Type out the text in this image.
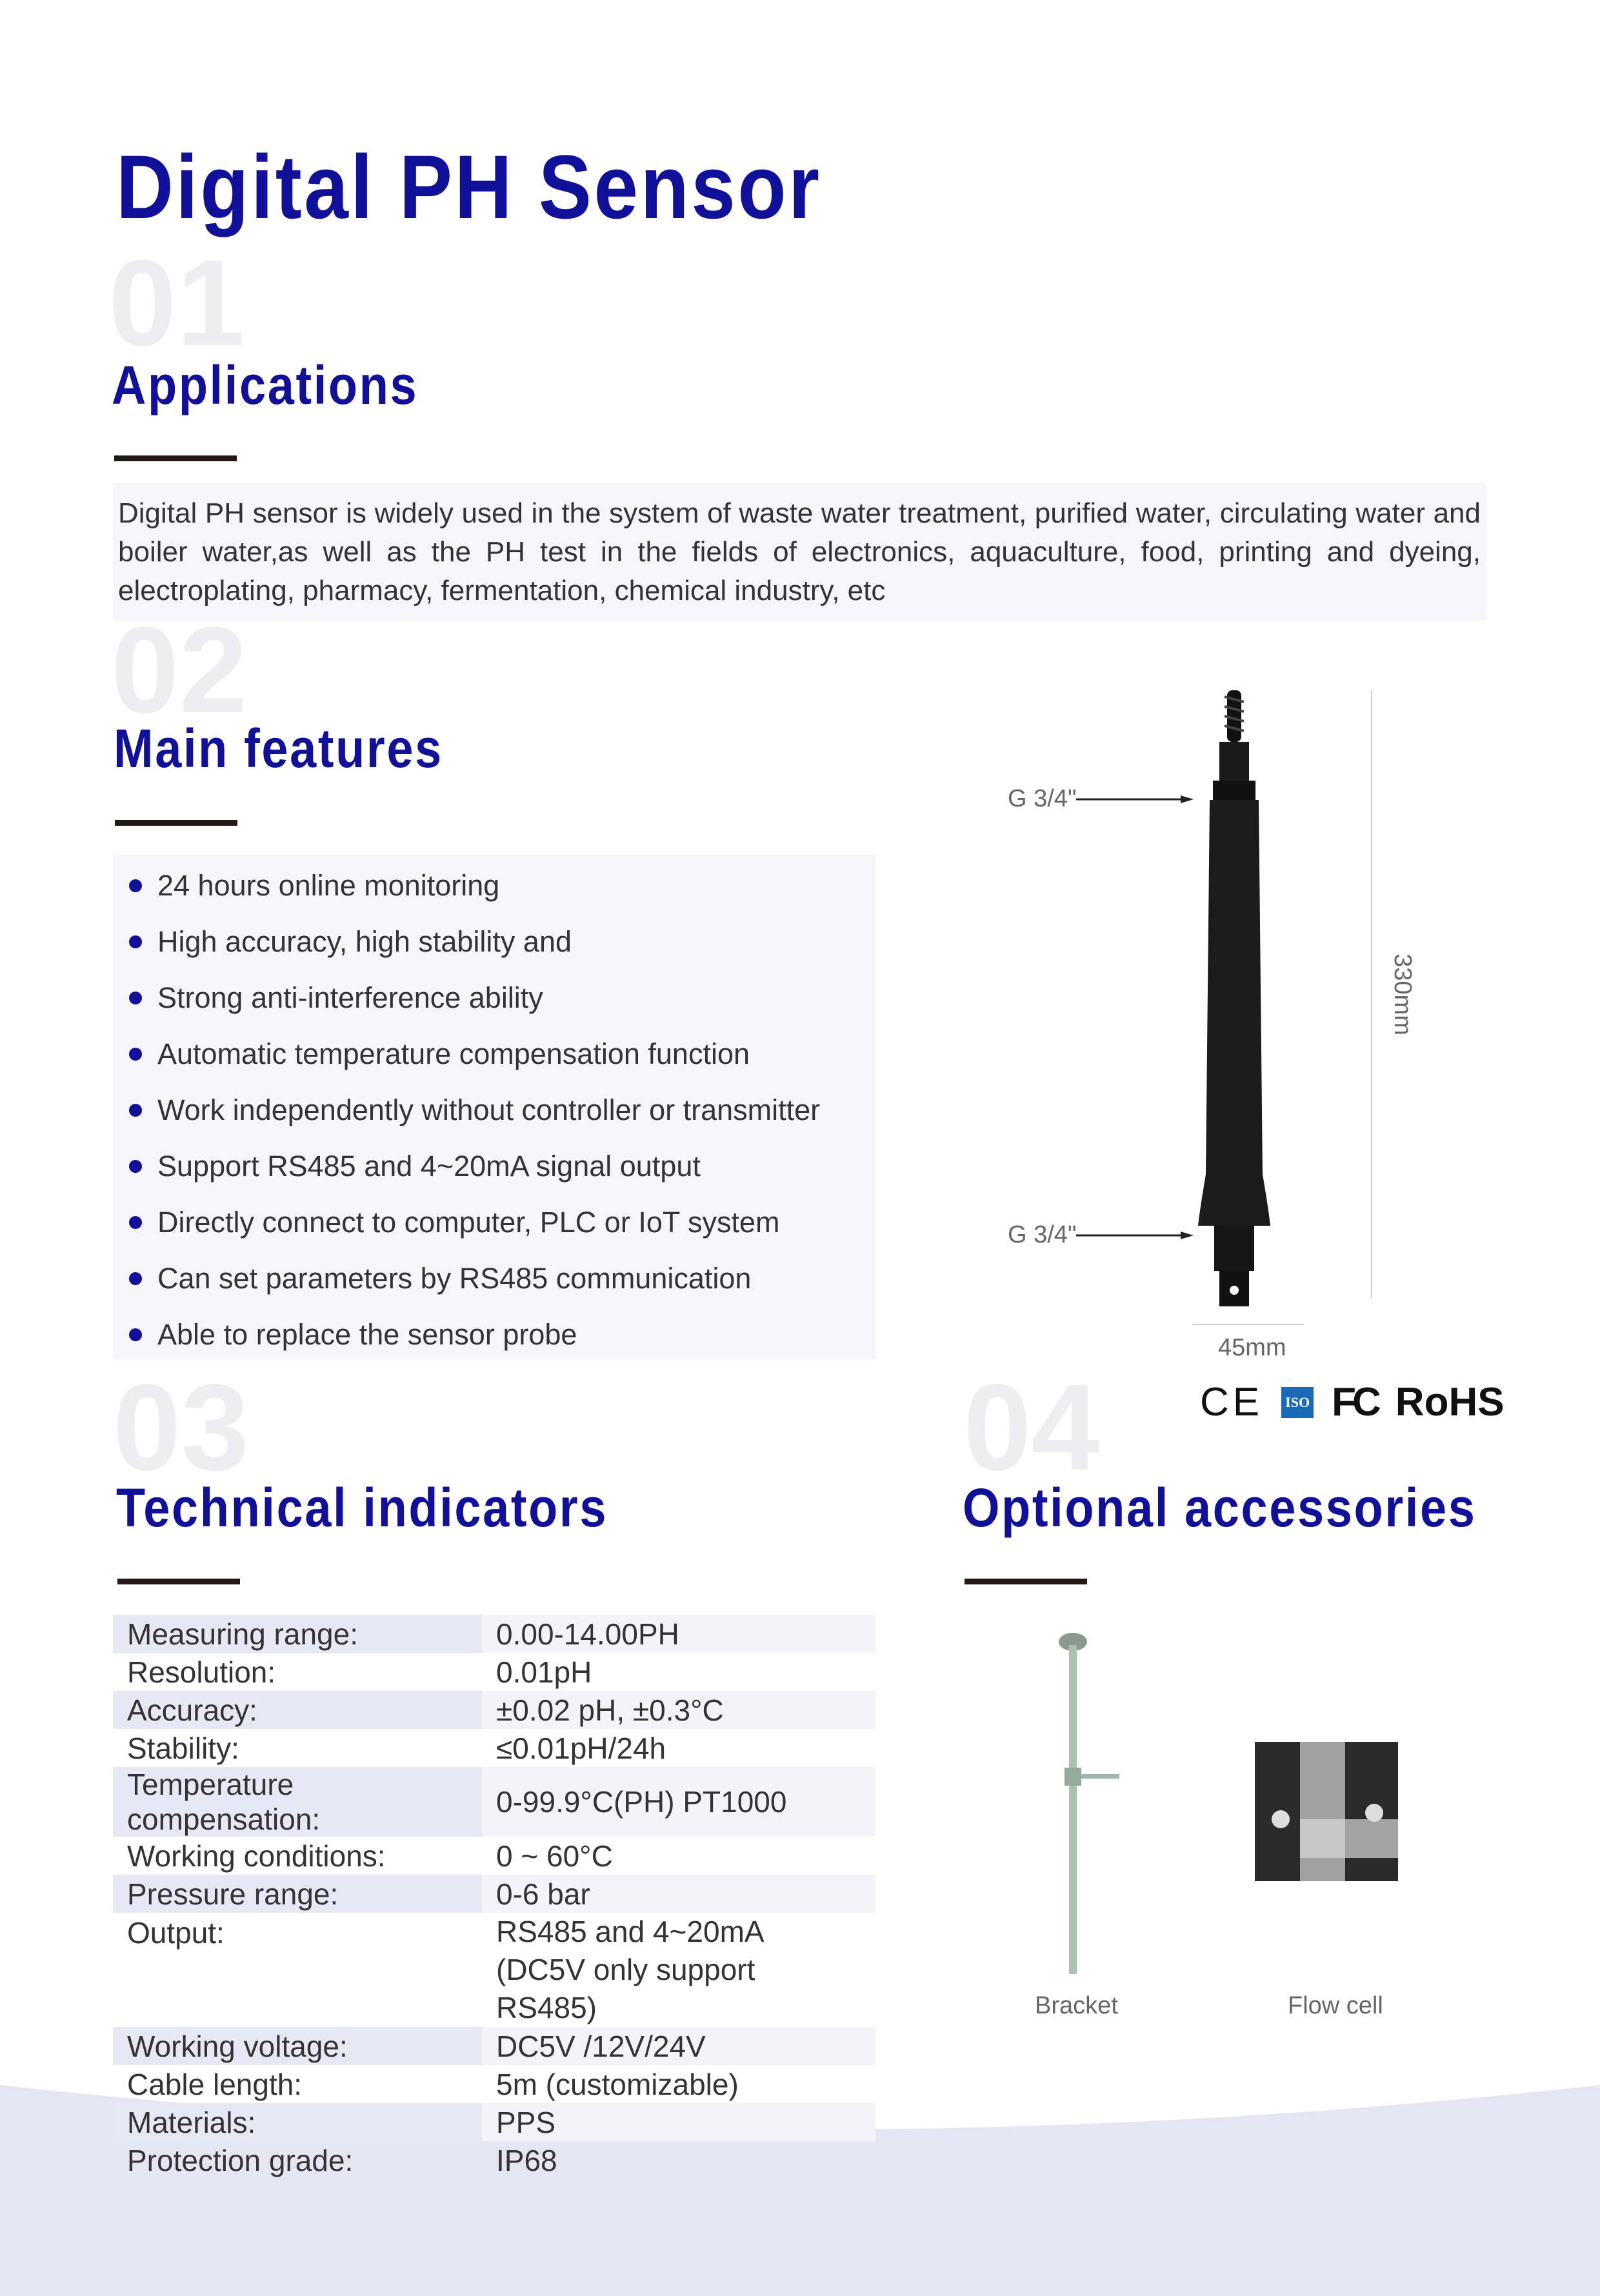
Digital PH Sensor
01
Applications
Digital PH sensor is widely used in the system of waste water treatment, purified water, circulating water and boiler water,as well as the PH test in the fields of electronics, aquaculture, food, printing and dyeing, electroplating, pharmacy, fermentation, chemical industry, etc
02
Main features
24 hours online monitoring
High accuracy, high stability and
Strong anti-interference ability
Automatic temperature compensation function
Work independently without controller or transmitter
Support RS485 and 4~20mA signal output
Directly connect to computer, PLC or IoT system
Can set parameters by RS485 communication
Able to replace the sensor probe
G 3/4"
G 3/4"
330mm
45mm
CE ISO FC RoHS
03
Technical indicators
Measuring range:	0.00-14.00PH
Resolution:	0.01pH
Accuracy:	±0.02 pH, ±0.3°C
Stability:	≤0.01pH/24h
Temperature compensation:	0-99.9°C(PH) PT1000
Working conditions:	0 ~ 60°C
Pressure range:	0-6 bar
Output:	RS485 and 4~20mA
(DC5V only support RS485)
Working voltage:	DC5V /12V/24V
Cable length:	5m (customizable)
Materials:	PPS
Protection grade:	IP68
04
Optional accessories
Bracket	Flow cell
